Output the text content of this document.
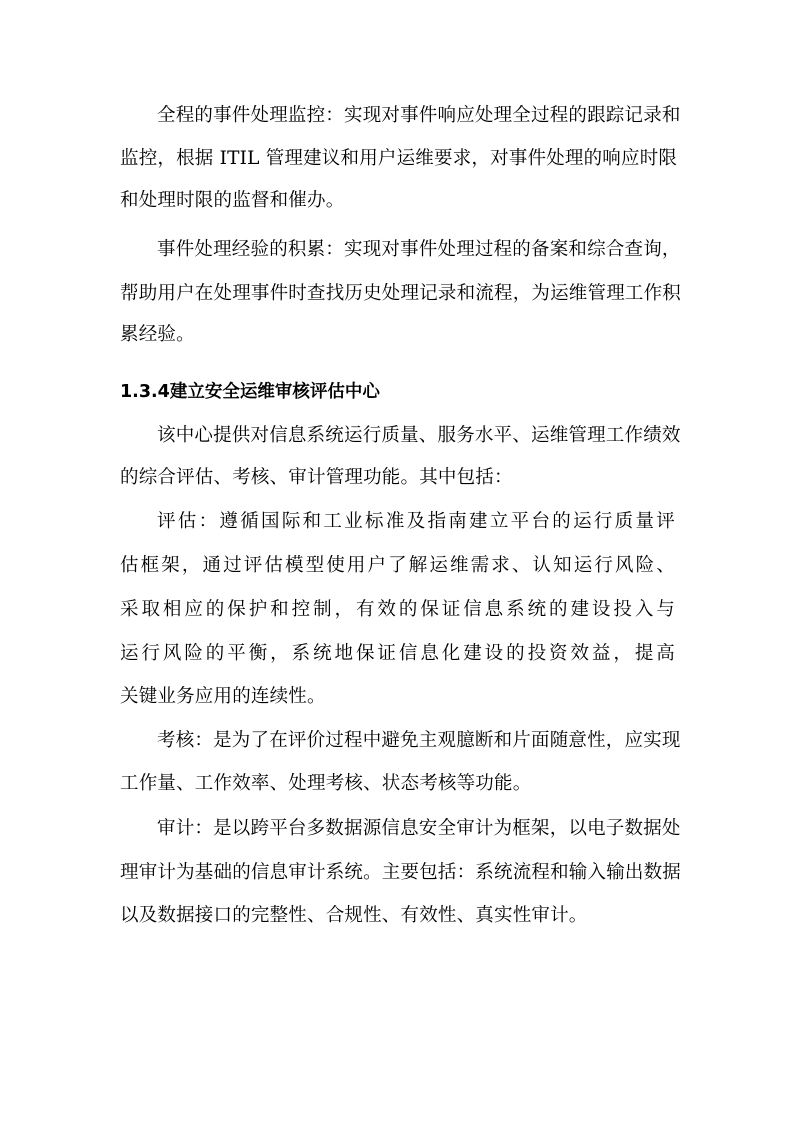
全程的事件处理监控：实现对事件响应处理全过程的跟踪记录和
监控，根据 ITIL 管理建议和用户运维要求，对事件处理的响应时限
和处理时限的监督和催办。
事件处理经验的积累：实现对事件处理过程的备案和综合查询，
帮助用户在处理事件时查找历史处理记录和流程，为运维管理工作积
累经验。
1.3.4建立安全运维审核评估中心
该中心提供对信息系统运行质量、服务水平、运维管理工作绩效
的综合评估、考核、审计管理功能。其中包括：
评估：遵循国际和工业标准及指南建立平台的运行质量评
估框架，通过评估模型使用户了解运维需求、认知运行风险、
采取相应的保护和控制，有效的保证信息系统的建设投入与
运行风险的平衡，系统地保证信息化建设的投资效益，提高
关键业务应用的连续性。
考核：是为了在评价过程中避免主观臆断和片面随意性，应实现
工作量、工作效率、处理考核、状态考核等功能。
审计：是以跨平台多数据源信息安全审计为框架，以电子数据处
理审计为基础的信息审计系统。主要包括：系统流程和输入输出数据
以及数据接口的完整性、合规性、有效性、真实性审计。
